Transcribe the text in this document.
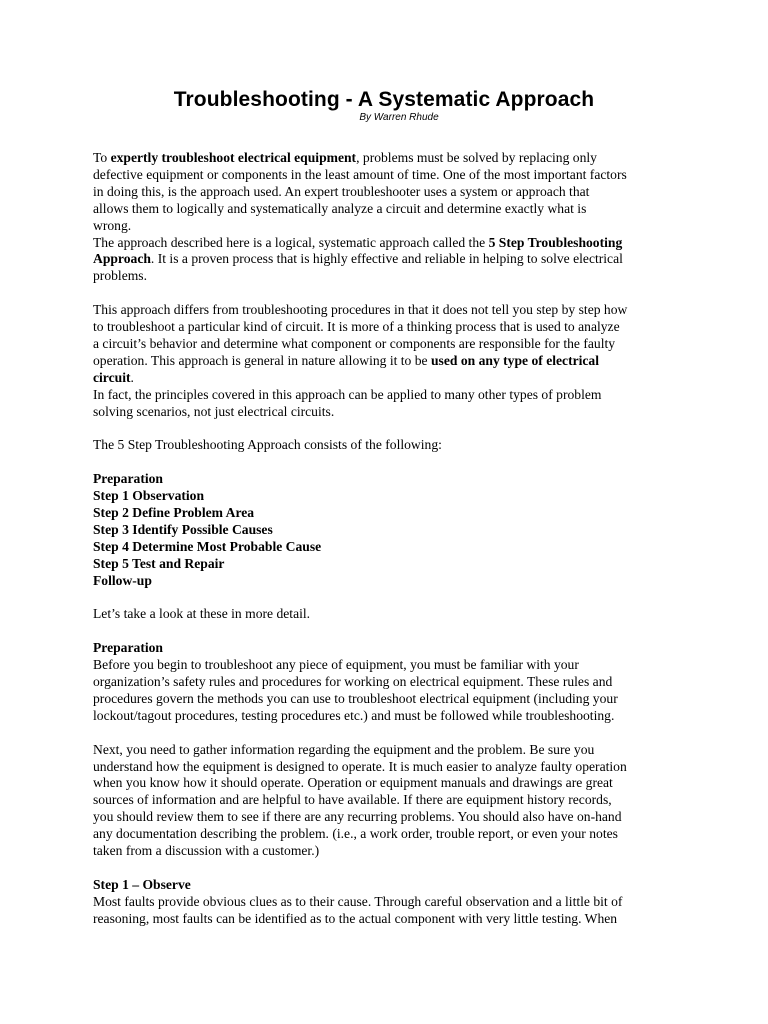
Troubleshooting - A Systematic Approach
By Warren Rhude

To expertly troubleshoot electrical equipment, problems must be solved by replacing only
defective equipment or components in the least amount of time. One of the most important factors
in doing this, is the approach used. An expert troubleshooter uses a system or approach that
allows them to logically and systematically analyze a circuit and determine exactly what is
wrong.

The approach described here is a logical, systematic approach called the 5 Step Troubleshooting
Approach. It is a proven process that is highly effective and reliable in helping to solve electrical
problems.

This approach differs from troubleshooting procedures in that it does not tell you step by step how
to troubleshoot a particular kind of circuit. It is more of a thinking process that is used to analyze
a circuit’s behavior and determine what component or components are responsible for the faulty
operation. This approach is general in nature allowing it to be used on any type of electrical
circuit.

In fact, the principles covered in this approach can be applied to many other types of problem
solving scenarios, not just electrical circuits.

The 5 Step Troubleshooting Approach consists of the following:

Preparation
Step 1 Observation
Step 2 Define Problem Area
Step 3 Identify Possible Causes
Step 4 Determine Most Probable Cause
Step 5 Test and Repair
Follow-up

Let’s take a look at these in more detail.

Preparation
Before you begin to troubleshoot any piece of equipment, you must be familiar with your
organization’s safety rules and procedures for working on electrical equipment. These rules and
procedures govern the methods you can use to troubleshoot electrical equipment (including your
lockout/tagout procedures, testing procedures etc.) and must be followed while troubleshooting.

Next, you need to gather information regarding the equipment and the problem. Be sure you
understand how the equipment is designed to operate. It is much easier to analyze faulty operation
when you know how it should operate. Operation or equipment manuals and drawings are great
sources of information and are helpful to have available. If there are equipment history records,
you should review them to see if there are any recurring problems. You should also have on-hand
any documentation describing the problem. (i.e., a work order, trouble report, or even your notes
taken from a discussion with a customer.)

Step 1 – Observe
Most faults provide obvious clues as to their cause. Through careful observation and a little bit of
reasoning, most faults can be identified as to the actual component with very little testing. When
